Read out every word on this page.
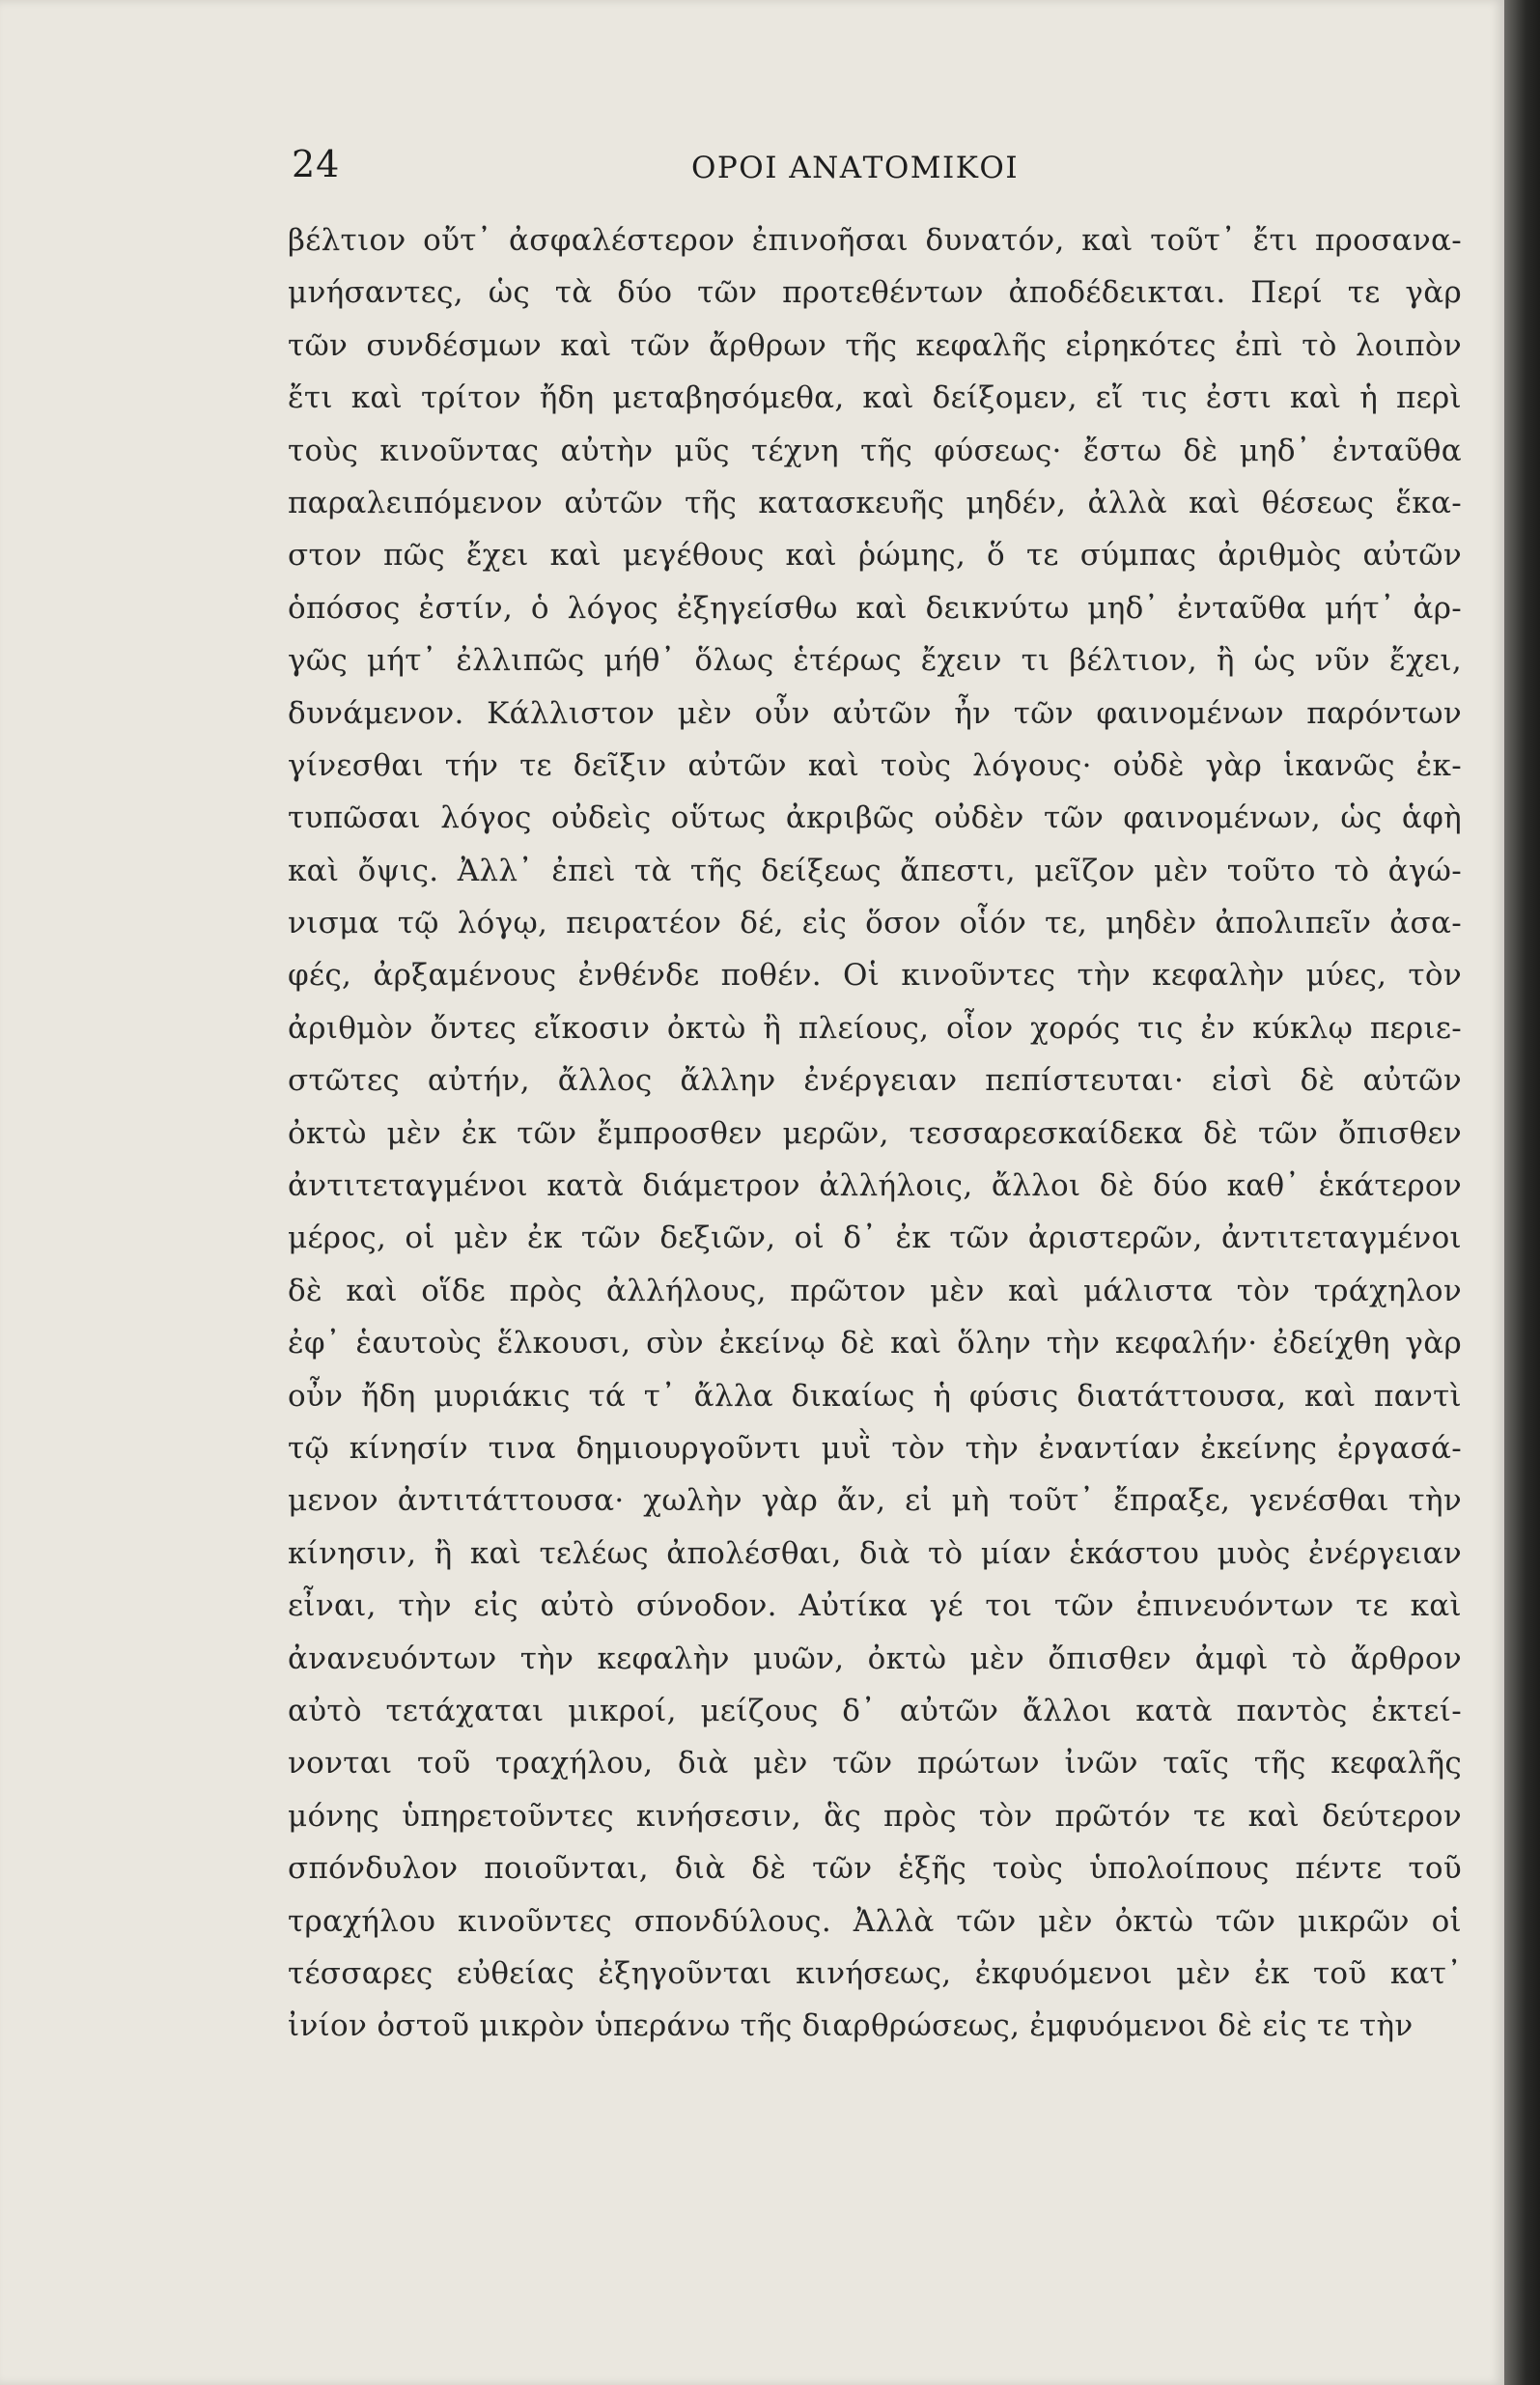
24	ΟΡΟΙ ΑΝΑΤΟΜΙΚΟΙ
βέλτιον οὔτ᾽ ἀσφαλέστερον ἐπινοῆσαι δυνατόν, καὶ τοῦτ᾽ ἔτι προσανα-
μνήσαντες, ὡς τὰ δύο τῶν προτεθέντων ἀποδέδεικται. Περί τε γὰρ
τῶν συνδέσμων καὶ τῶν ἄρθρων τῆς κεφαλῆς εἰρηκότες ἐπὶ τὸ λοιπὸν
ἔτι καὶ τρίτον ἤδη μεταβησόμεθα, καὶ δείξομεν, εἴ τις ἐστι καὶ ἡ περὶ
τοὺς κινοῦντας αὐτὴν μῦς τέχνη τῆς φύσεως· ἔστω δὲ μηδ᾽ ἐνταῦθα
παραλειπόμενον αὐτῶν τῆς κατασκευῆς μηδέν, ἀλλὰ καὶ θέσεως ἕκα-
στον πῶς ἔχει καὶ μεγέθους καὶ ῥώμης, ὅ τε σύμπας ἀριθμὸς αὐτῶν
ὁπόσος ἐστίν, ὁ λόγος ἐξηγείσθω καὶ δεικνύτω μηδ᾽ ἐνταῦθα μήτ᾽ ἀρ-
γῶς μήτ᾽ ἐλλιπῶς μήθ᾽ ὅλως ἑτέρως ἔχειν τι βέλτιον, ἢ ὡς νῦν ἔχει,
δυνάμενον. Κάλλιστον μὲν οὖν αὐτῶν ἦν τῶν φαινομένων παρόντων
γίνεσθαι τήν τε δεῖξιν αὐτῶν καὶ τοὺς λόγους· οὐδὲ γὰρ ἱκανῶς ἐκ-
τυπῶσαι λόγος οὐδεὶς οὕτως ἀκριβῶς οὐδὲν τῶν φαινομένων, ὡς ἁφὴ
καὶ ὄψις. Ἀλλ᾽ ἐπεὶ τὰ τῆς δείξεως ἄπεστι, μεῖζον μὲν τοῦτο τὸ ἀγώ-
νισμα τῷ λόγῳ, πειρατέον δέ, εἰς ὅσον οἷόν τε, μηδὲν ἀπολιπεῖν ἀσα-
φές, ἀρξαμένους ἐνθένδε ποθέν. Οἱ κινοῦντες τὴν κεφαλὴν μύες, τὸν
ἀριθμὸν ὄντες εἴκοσιν ὀκτὼ ἢ πλείους, οἷον χορός τις ἐν κύκλῳ περιε-
στῶτες αὐτήν, ἄλλος ἄλλην ἐνέργειαν πεπίστευται· εἰσὶ δὲ αὐτῶν
ὀκτὼ μὲν ἐκ τῶν ἔμπροσθεν μερῶν, τεσσαρεσκαίδεκα δὲ τῶν ὄπισθεν
ἀντιτεταγμένοι κατὰ διάμετρον ἀλλήλοις, ἄλλοι δὲ δύο καθ᾽ ἑκάτερον
μέρος, οἱ μὲν ἐκ τῶν δεξιῶν, οἱ δ᾽ ἐκ τῶν ἀριστερῶν, ἀντιτεταγμένοι
δὲ καὶ οἵδε πρὸς ἀλλήλους, πρῶτον μὲν καὶ μάλιστα τὸν τράχηλον
ἐφ᾽ ἑαυτοὺς ἕλκουσι, σὺν ἐκείνῳ δὲ καὶ ὅλην τὴν κεφαλήν· ἐδείχθη γὰρ
οὖν ἤδη μυριάκις τά τ᾽ ἄλλα δικαίως ἡ φύσις διατάττουσα, καὶ παντὶ
τῷ κίνησίν τινα δημιουργοῦντι μυῒ τὸν τὴν ἐναντίαν ἐκείνης ἐργασά-
μενον ἀντιτάττουσα· χωλὴν γὰρ ἄν, εἰ μὴ τοῦτ᾽ ἔπραξε, γενέσθαι τὴν
κίνησιν, ἢ καὶ τελέως ἀπολέσθαι, διὰ τὸ μίαν ἑκάστου μυὸς ἐνέργειαν
εἶναι, τὴν εἰς αὐτὸ σύνοδον. Αὐτίκα γέ τοι τῶν ἐπινευόντων τε καὶ
ἀνανευόντων τὴν κεφαλὴν μυῶν, ὀκτὼ μὲν ὄπισθεν ἀμφὶ τὸ ἄρθρον
αὐτὸ τετάχαται μικροί, μείζους δ᾽ αὐτῶν ἄλλοι κατὰ παντὸς ἐκτεί-
νονται τοῦ τραχήλου, διὰ μὲν τῶν πρώτων ἰνῶν ταῖς τῆς κεφαλῆς
μόνης ὑπηρετοῦντες κινήσεσιν, ἃς πρὸς τὸν πρῶτόν τε καὶ δεύτερον
σπόνδυλον ποιοῦνται, διὰ δὲ τῶν ἑξῆς τοὺς ὑπολοίπους πέντε τοῦ
τραχήλου κινοῦντες σπονδύλους. Ἀλλὰ τῶν μὲν ὀκτὼ τῶν μικρῶν οἱ
τέσσαρες εὐθείας ἐξηγοῦνται κινήσεως, ἐκφυόμενοι μὲν ἐκ τοῦ κατ᾽
ἰνίον ὀστοῦ μικρὸν ὑπεράνω τῆς διαρθρώσεως, ἐμφυόμενοι δὲ εἰς τε τὴν
